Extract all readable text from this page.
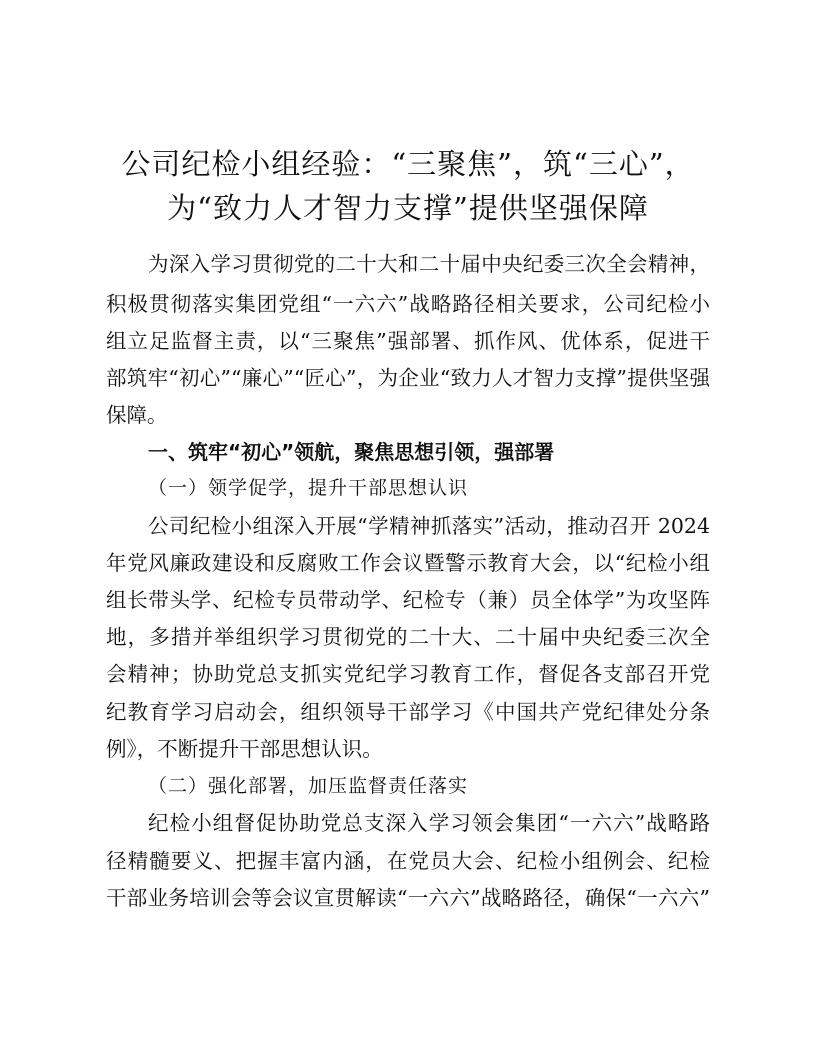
公司纪检小组经验：“三聚焦”，筑“三心”，
为“致力人才智力支撑”提供坚强保障
为深入学习贯彻党的二十大和二十届中央纪委三次全会精神，
积极贯彻落实集团党组“一六六”战略路径相关要求，公司纪检小
组立足监督主责，以“三聚焦”强部署、抓作风、优体系，促进干
部筑牢“初心”“廉心”“匠心”，为企业“致力人才智力支撑”提供坚强
保障。
一、筑牢“初心”领航，聚焦思想引领，强部署
（一）领学促学，提升干部思想认识
公司纪检小组深入开展“学精神抓落实”活动，推动召开 2024
年党风廉政建设和反腐败工作会议暨警示教育大会，以“纪检小组
组长带头学、纪检专员带动学、纪检专（兼）员全体学”为攻坚阵
地，多措并举组织学习贯彻党的二十大、二十届中央纪委三次全
会精神；协助党总支抓实党纪学习教育工作，督促各支部召开党
纪教育学习启动会，组织领导干部学习《中国共产党纪律处分条
例》，不断提升干部思想认识。
（二）强化部署，加压监督责任落实
纪检小组督促协助党总支深入学习领会集团“一六六”战略路
径精髓要义、把握丰富内涵，在党员大会、纪检小组例会、纪检
干部业务培训会等会议宣贯解读“一六六”战略路径，确保“一六六”
